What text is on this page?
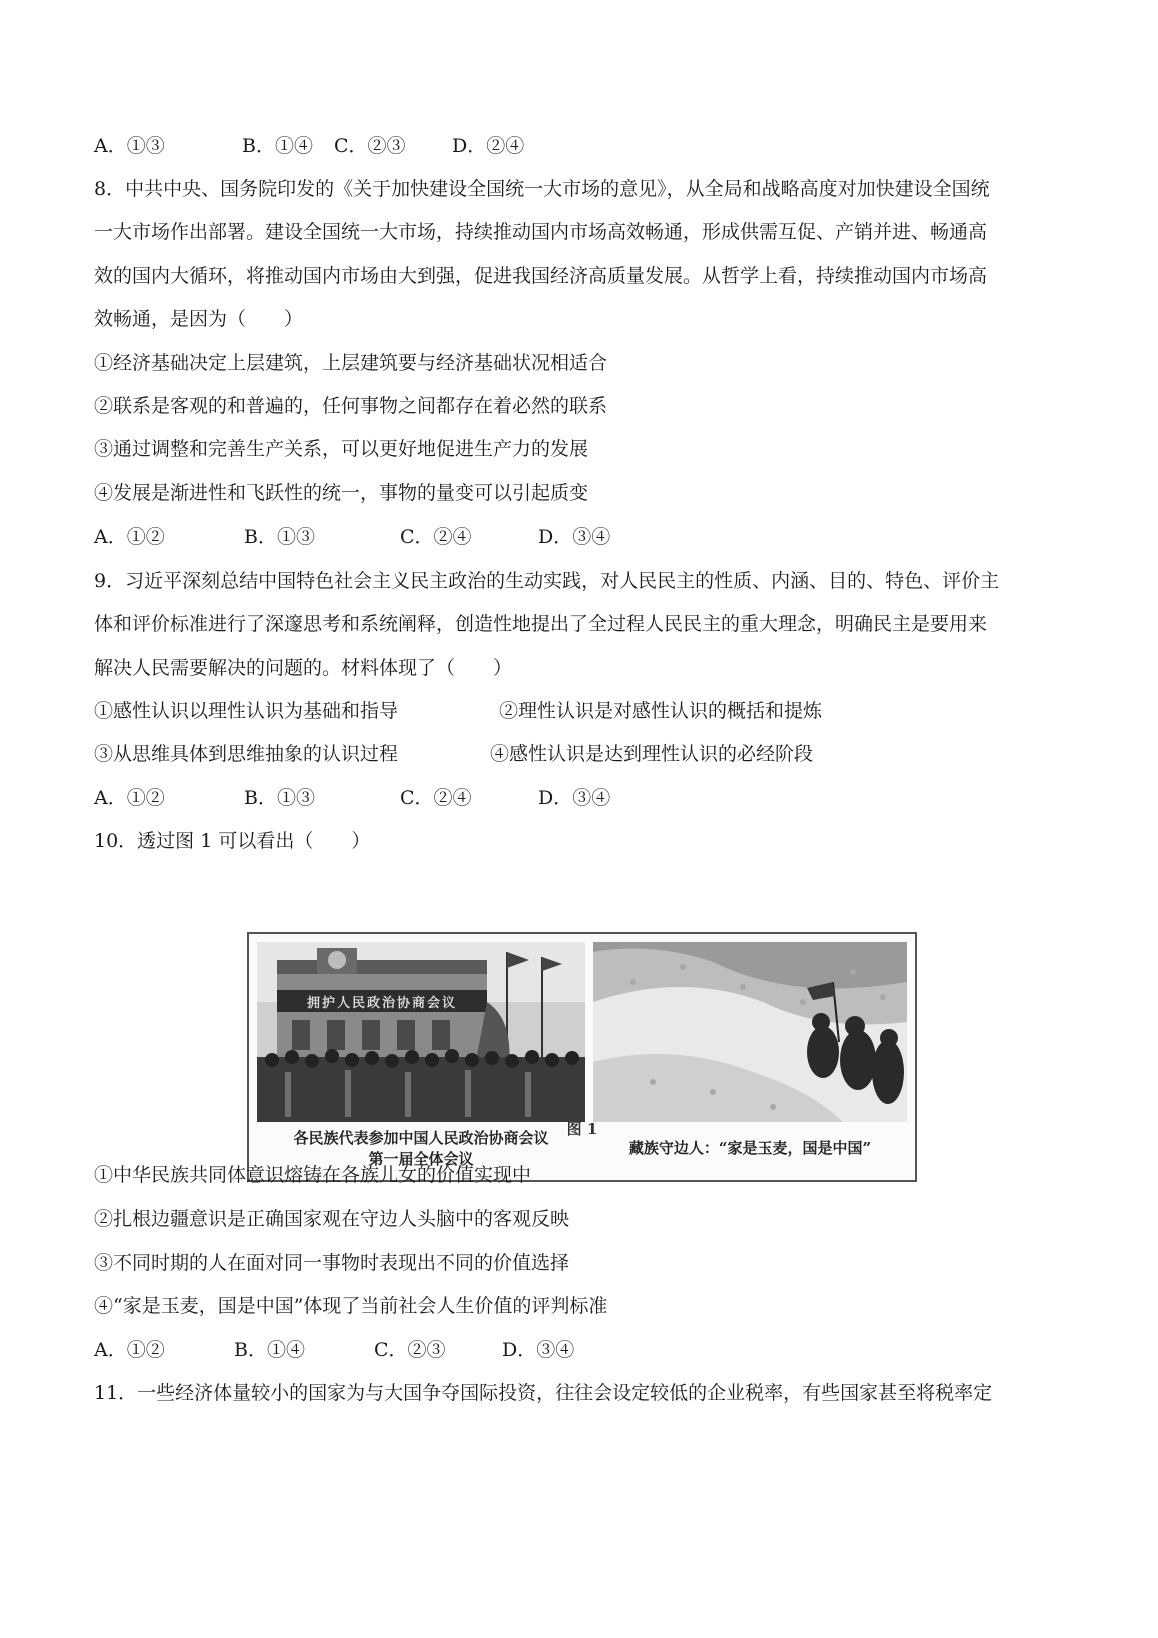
A．①③	B．①④ C．②③ D．②④
8．中共中央、国务院印发的《关于加快建设全国统一大市场的意见》，从全局和战略高度对加快建设全国统
一大市场作出部署。建设全国统一大市场，持续推动国内市场高效畅通，形成供需互促、产销并进、畅通高
效的国内大循环，将推动国内市场由大到强，促进我国经济高质量发展。从哲学上看，持续推动国内市场高
效畅通，是因为（　　）
①经济基础决定上层建筑，上层建筑要与经济基础状况相适合
②联系是客观的和普遍的，任何事物之间都存在着必然的联系
③通过调整和完善生产关系，可以更好地促进生产力的发展
④发展是渐进性和飞跃性的统一，事物的量变可以引起质变
A．①②	B．①③	C．②④	D．③④
9．习近平深刻总结中国特色社会主义民主政治的生动实践，对人民民主的性质、内涵、目的、特色、评价主
体和评价标准进行了深邃思考和系统阐释，创造性地提出了全过程人民民主的重大理念，明确民主是要用来
解决人民需要解决的问题的。材料体现了（　　）
①感性认识以理性认识为基础和指导	②理性认识是对感性认识的概括和提炼
③从思维具体到思维抽象的认识过程	④感性认识是达到理性认识的必经阶段
A．①②	B．①③	C．②④	D．③④
10．透过图 1 可以看出（　　）
拥护人民政治协商会议
各民族代表参加中国人民政治协商会议
第一届全体会议
藏族守边人：“家是玉麦，国是中国”
图 1
①中华民族共同体意识熔铸在各族儿女的价值实现中
②扎根边疆意识是正确国家观在守边人头脑中的客观反映
③不同时期的人在面对同一事物时表现出不同的价值选择
④“家是玉麦，国是中国”体现了当前社会人生价值的评判标准
A．①②	B．①④	C．②③	D．③④
11．一些经济体量较小的国家为与大国争夺国际投资，往往会设定较低的企业税率，有些国家甚至将税率定
